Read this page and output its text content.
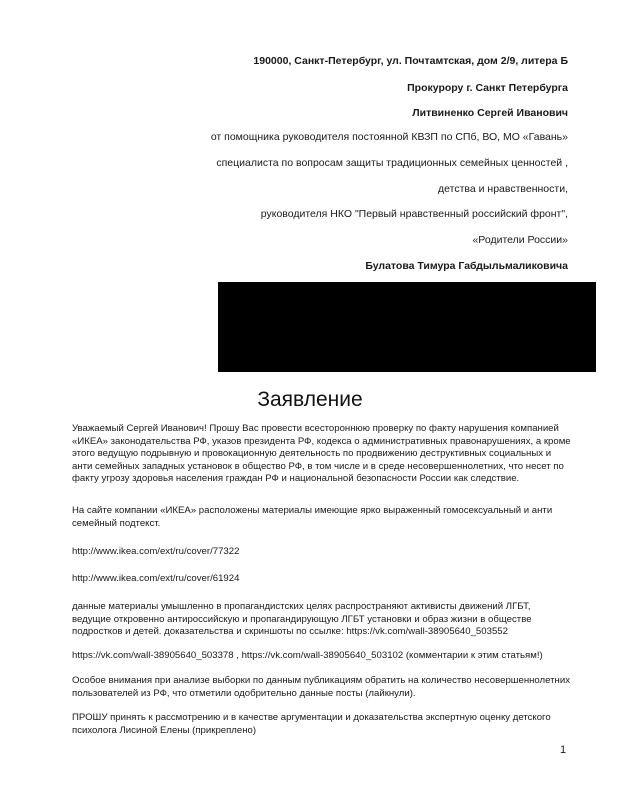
190000, Санкт-Петербург, ул. Почтамтская, дом 2/9, литера Б
Прокурору г. Санкт Петербурга
Литвиненко Сергей Иванович
от помощника руководителя постоянной КВЗП по СПб, ВО, МО «Гавань»
специалиста по вопросам защиты традиционных семейных ценностей ,
детства и нравственности,
руководителя НКО "Первый нравственный российский фронт",
«Родители России»
Булатова Тимура Габдыльмаликовича
Заявление

Уважаемый Сергей Иванович! Прошу Вас провести всестороннюю проверку по факту нарушения компанией «ИКЕА» законодательства РФ, указов президента РФ, кодекса о административных правонарушениях, а кроме этого ведущую подрывную и провокационную деятельность по продвижению деструктивных социальных и анти семейных западных установок в общество РФ, в том числе и в среде несовершеннолетних, что несет по факту угрозу здоровья населения граждан РФ и национальной безопасности России как следствие.

На сайте компании «ИКЕА» расположены материалы имеющие ярко выраженный гомосексуальный и анти семейный подтекст.

http://www.ikea.com/ext/ru/cover/77322

http://www.ikea.com/ext/ru/cover/61924

данные материалы умышленно в пропагандистских целях распространяют активисты движений ЛГБТ, ведущие откровенно антироссийскую и пропагандирующую ЛГБТ установки и образ жизни в обществе подростков и детей. доказательства и скриншоты по ссылке: https://vk.com/wall-38905640_503552

https://vk.com/wall-38905640_503378 , https://vk.com/wall-38905640_503102 (комментарии к этим статьям!)

Особое внимания при анализе выборки по данным публикациям обратить на количество несовершеннолетних пользователей из РФ, что отметили одобрительно данные посты (лайкнули).

ПРОШУ принять к рассмотрению и в качестве аргументации и доказательства экспертную оценку детского психолога Лисиной Елены (прикреплено)

1
